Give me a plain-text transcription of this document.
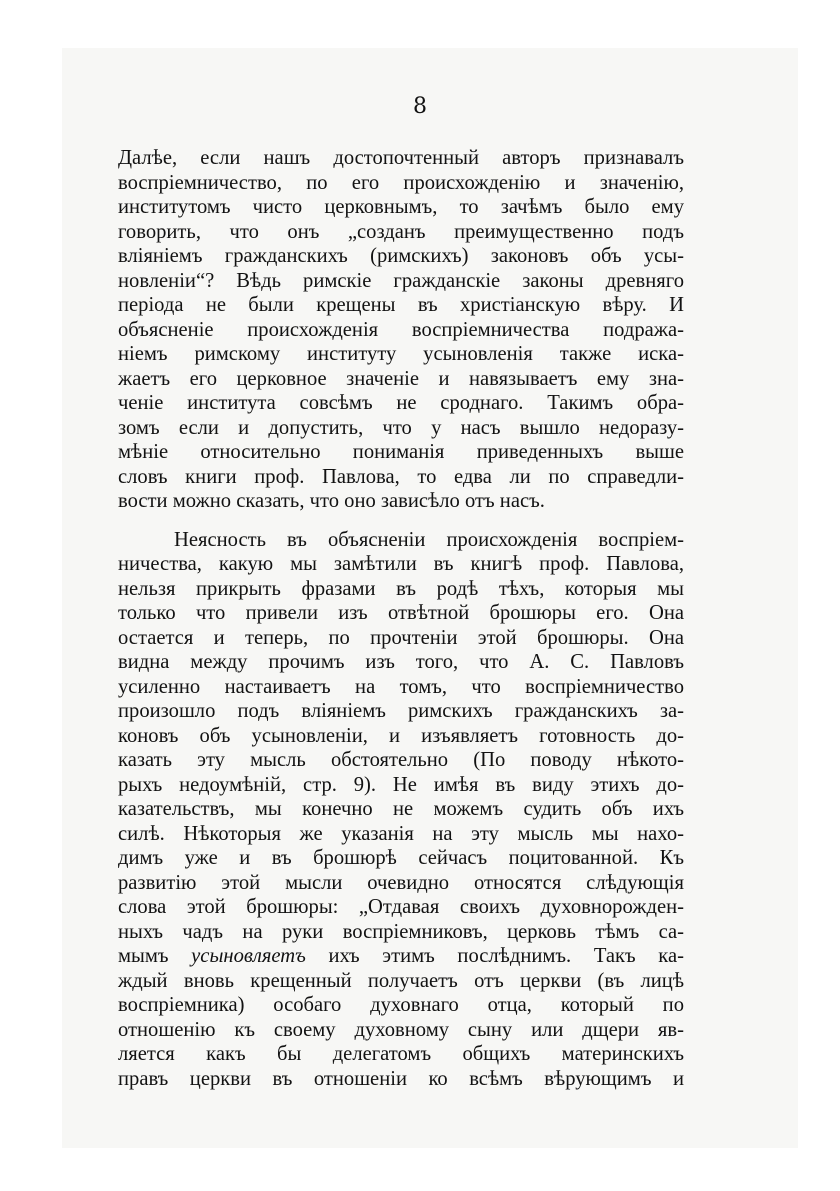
8
Далѣе, если нашъ достопочтенный авторъ признавалъ
воспріемничество, по его происхожденію и значенію,
институтомъ чисто церковнымъ, то зачѣмъ было ему
говорить, что онъ „созданъ преимущественно подъ
вліяніемъ гражданскихъ (римскихъ) законовъ объ усы-
новленіи“? Вѣдь римскіе гражданскіе законы древняго
періода не были крещены въ христіанскую вѣру. И
объясненіе происхожденія воспріемничества подража-
ніемъ римскому институту усыновленія также иска-
жаетъ его церковное значеніе и навязываетъ ему зна-
ченіе института совсѣмъ не сроднаго. Такимъ обра-
зомъ если и допустить, что у насъ вышло недоразу-
мѣніе относительно пониманія приведенныхъ выше
словъ книги проф. Павлова, то едва ли по справедли-
вости можно сказать, что оно зависѣло отъ насъ.
Неясность въ объясненіи происхожденія воспріем-
ничества, какую мы замѣтили въ книгѣ проф. Павлова,
нельзя прикрыть фразами въ родѣ тѣхъ, которыя мы
только что привели изъ отвѣтной брошюры его. Она
остается и теперь, по прочтеніи этой брошюры. Она
видна между прочимъ изъ того, что А. С. Павловъ
усиленно настаиваетъ на томъ, что воспріемничество
произошло подъ вліяніемъ римскихъ гражданскихъ за-
коновъ объ усыновленіи, и изъявляетъ готовность до-
казать эту мысль обстоятельно (По поводу нѣкото-
рыхъ недоумѣній, стр. 9). Не имѣя въ виду этихъ до-
казательствъ, мы конечно не можемъ судить объ ихъ
силѣ. Нѣкоторыя же указанія на эту мысль мы нахо-
димъ уже и въ брошюрѣ сейчасъ поцитованной. Къ
развитію этой мысли очевидно относятся слѣдующія
слова этой брошюры: „Отдавая своихъ духовнорожден-
ныхъ чадъ на руки воспріемниковъ, церковь тѣмъ са-
мымъ усыновляетъ ихъ этимъ послѣднимъ. Такъ ка-
ждый вновь крещенный получаетъ отъ церкви (въ лицѣ
воспріемника) особаго духовнаго отца, который по
отношенію къ своему духовному сыну или дщери яв-
ляется какъ бы делегатомъ общихъ материнскихъ
правъ церкви въ отношеніи ко всѣмъ вѣрующимъ и
